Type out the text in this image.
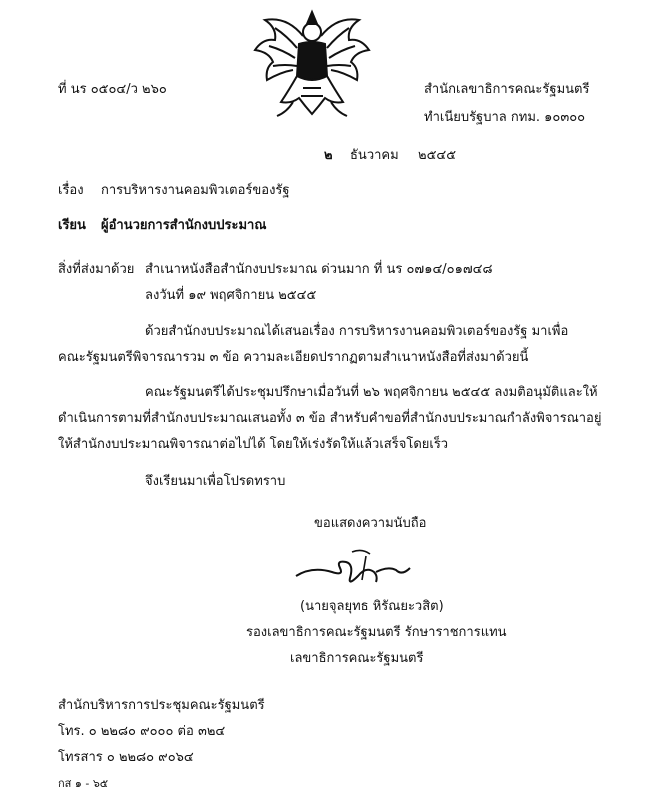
ที่ นร ๐๕๐๔/ว ๒๖๐	สำนักเลขาธิการคณะรัฐมนตรี
ทำเนียบรัฐบาล กทม. ๑๐๓๐๐
๒ ธันวาคม ๒๕๔๕
เรื่อง การบริหารงานคอมพิวเตอร์ของรัฐ
เรียน ผู้อำนวยการสำนักงบประมาณ
สิ่งที่ส่งมาด้วย สำเนาหนังสือสำนักงบประมาณ ด่วนมาก ที่ นร ๐๗๑๔/๐๑๗๔๘
ลงวันที่ ๑๙ พฤศจิกายน ๒๕๔๕
ด้วยสำนักงบประมาณได้เสนอเรื่อง การบริหารงานคอมพิวเตอร์ของรัฐ มาเพื่อ
คณะรัฐมนตรีพิจารณารวม ๓ ข้อ ความละเอียดปรากฏตามสำเนาหนังสือที่ส่งมาด้วยนี้
คณะรัฐมนตรีได้ประชุมปรึกษาเมื่อวันที่ ๒๖ พฤศจิกายน ๒๕๔๕ ลงมติอนุมัติและให้
ดำเนินการตามที่สำนักงบประมาณเสนอทั้ง ๓ ข้อ สำหรับคำขอที่สำนักงบประมาณกำลังพิจารณาอยู่
ให้สำนักงบประมาณพิจารณาต่อไปได้ โดยให้เร่งรัดให้แล้วเสร็จโดยเร็ว
จึงเรียนมาเพื่อโปรดทราบ
ขอแสดงความนับถือ
(นายจุลยุทธ หิรัณยะวสิต)
รองเลขาธิการคณะรัฐมนตรี รักษาราชการแทน
เลขาธิการคณะรัฐมนตรี
สำนักบริหารการประชุมคณะรัฐมนตรี
โทร. ๐ ๒๒๘๐ ๙๐๐๐ ต่อ ๓๒๔
โทรสาร ๐ ๒๒๘๐ ๙๐๖๔
กส ๑ - ๖๕
